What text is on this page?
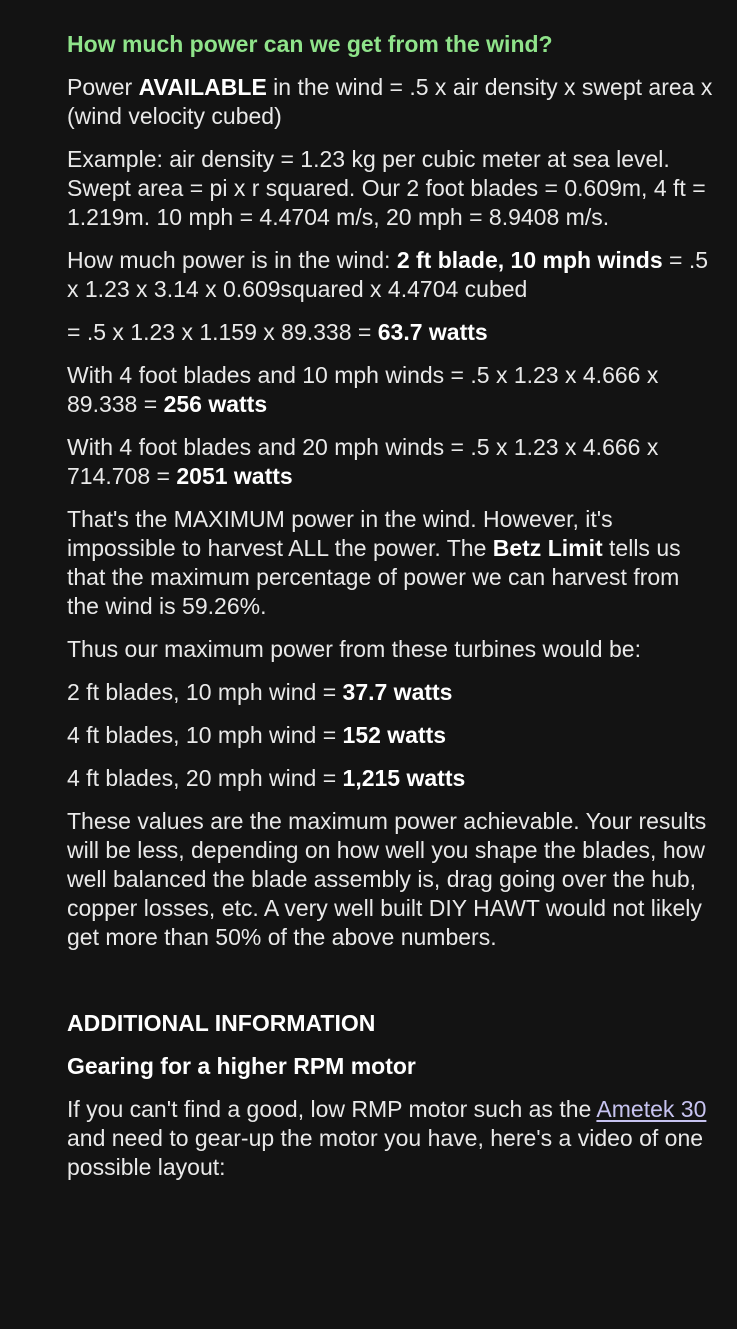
How much power can we get from the wind?

Power AVAILABLE in the wind = .5 x air density x swept area x (wind velocity cubed)

Example: air density = 1.23 kg per cubic meter at sea level. Swept area = pi x r squared. Our 2 foot blades = 0.609m, 4 ft = 1.219m. 10 mph = 4.4704 m/s, 20 mph = 8.9408 m/s.

How much power is in the wind: 2 ft blade, 10 mph winds = .5 x 1.23 x 3.14 x 0.609squared x 4.4704 cubed

= .5 x 1.23 x 1.159 x 89.338 = 63.7 watts

With 4 foot blades and 10 mph winds = .5 x 1.23 x 4.666 x 89.338 = 256 watts

With 4 foot blades and 20 mph winds = .5 x 1.23 x 4.666 x 714.708 = 2051 watts

That's the MAXIMUM power in the wind. However, it's impossible to harvest ALL the power. The Betz Limit tells us that the maximum percentage of power we can harvest from the wind is 59.26%.

Thus our maximum power from these turbines would be:

2 ft blades, 10 mph wind = 37.7 watts

4 ft blades, 10 mph wind = 152 watts

4 ft blades, 20 mph wind = 1,215 watts

These values are the maximum power achievable. Your results will be less, depending on how well you shape the blades, how well balanced the blade assembly is, drag going over the hub, copper losses, etc. A very well built DIY HAWT would not likely get more than 50% of the above numbers.

ADDITIONAL INFORMATION

Gearing for a higher RPM motor

If you can't find a good, low RMP motor such as the Ametek 30 and need to gear-up the motor you have, here's a video of one possible layout:
